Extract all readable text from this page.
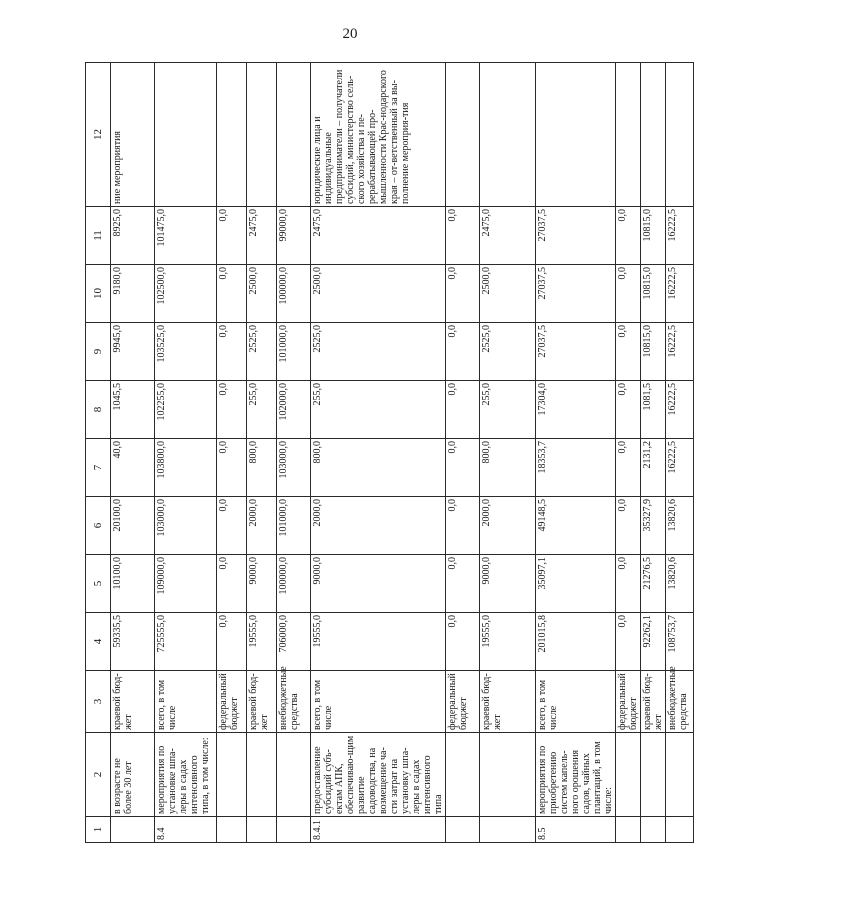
20
1	2	3	4	5	6	7	8	9	10	11	12
	в возрасте не более 30 лет	краевой бюд-жет	59335,5	10100,0	20100,0	40,0	1045,5	9945,0	9180,0	8925,0	ние мероприятия
8.4	мероприятия по установке шпа-леры в садах интенсивного типа, в том числе:	всего, в том числе	725555,0	109000,0	103000,0	103800,0	102255,0	103525,0	102500,0	101475,0	
		федеральный бюджет	0,0	0,0	0,0	0,0	0,0	0,0	0,0	0,0	
		краевой бюд-жет	19555,0	9000,0	2000,0	800,0	255,0	2525,0	2500,0	2475,0	
		внебюджетные средства	706000,0	100000,0	101000,0	103000,0	102000,0	101000,0	100000,0	99000,0	
8.4.1	предоставление субсидий субъ-ектам АПК, обеспечиваю-щим развитие садоводства, на возмещение ча-сти затрат на установку шпа-леры в садах интенсивного типа	всего, в том числе	19555,0	9000,0	2000,0	800,0	255,0	2525,0	2500,0	2475,0	юридические лица и индивидуальные предприниматели – получатели субсидий, министерство сель-ского хозяйства и пе-рерабатывающей про-мышленности Крас-нодарского края – от-ветственный за вы-полнение мероприя-тия
		федеральный бюджет	0,0	0,0	0,0	0,0	0,0	0,0	0,0	0,0	
		краевой бюд-жет	19555,0	9000,0	2000,0	800,0	255,0	2525,0	2500,0	2475,0	
8.5	мероприятия по приобретению систем капель-ного орошения садов, чайных плантаций, в том числе:	всего, в том числе	201015,8	35097,1	49148,5	18353,7	17304,0	27037,5	27037,5	27037,5	
		федеральный бюджет	0,0	0,0	0,0	0,0	0,0	0,0	0,0	0,0	
		краевой бюд-жет	92262,1	21276,5	35327,9	2131,2	1081,5	10815,0	10815,0	10815,0	
		внебюджетные средства	108753,7	13820,6	13820,6	16222,5	16222,5	16222,5	16222,5	16222,5	
